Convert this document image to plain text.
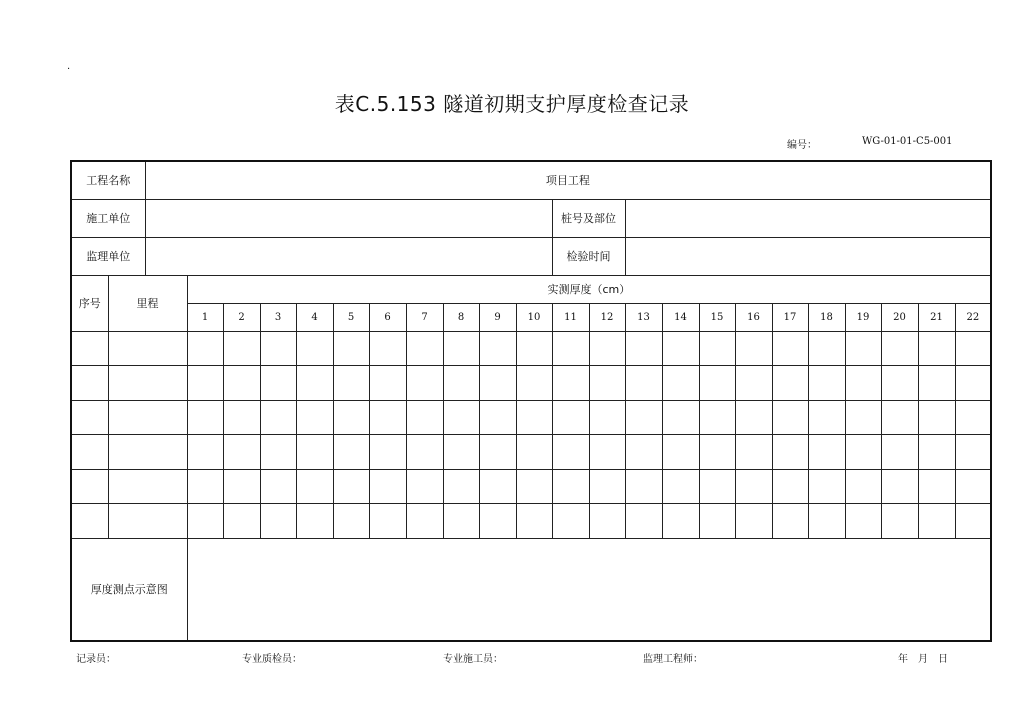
.
表C.5.153 隧道初期支护厚度检查记录
编号：	WG-01-01-C5-001
工程名称		项目工程																						
施工单位													桩号及部位											
监理单位													检验时间											
序号	里程		实测厚度（cm）																					
			1	2	3	4	5	6	7	8	9	10	11	12	13	14	15	16	17	18	19	20	21	22

厚度测点示意图																								
记录员：	专业质检员：	专业施工员：	监理工程师：	年　月　日
